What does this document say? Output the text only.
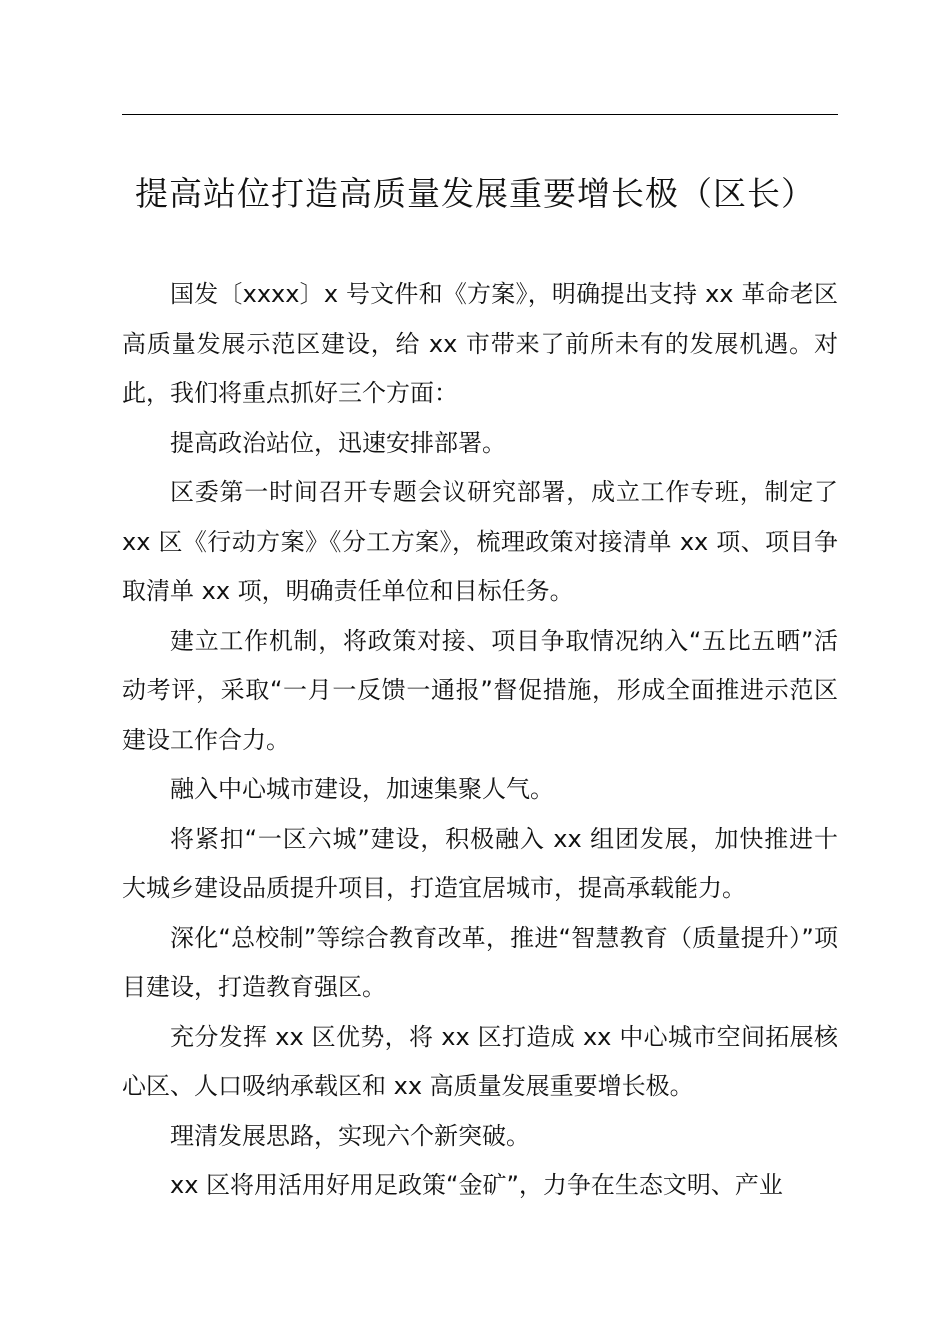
提高站位打造高质量发展重要增长极（区长）

国发〔xxxx〕x 号文件和《方案》，明确提出支持 xx 革命老区高质量发展示范区建设，给 xx 市带来了前所未有的发展机遇。对此，我们将重点抓好三个方面：

提高政治站位，迅速安排部署。

区委第一时间召开专题会议研究部署，成立工作专班，制定了 xx 区《行动方案》《分工方案》，梳理政策对接清单 xx 项、项目争取清单 xx 项，明确责任单位和目标任务。

建立工作机制，将政策对接、项目争取情况纳入“五比五晒”活动考评，采取“一月一反馈一通报”督促措施，形成全面推进示范区建设工作合力。

融入中心城市建设，加速集聚人气。

将紧扣“一区六城”建设，积极融入 xx 组团发展，加快推进十大城乡建设品质提升项目，打造宜居城市，提高承载能力。

深化“总校制”等综合教育改革，推进“智慧教育（质量提升）”项目建设，打造教育强区。

充分发挥 xx 区优势，将 xx 区打造成 xx 中心城市空间拓展核心区、人口吸纳承载区和 xx 高质量发展重要增长极。

理清发展思路，实现六个新突破。

xx 区将用活用好用足政策“金矿”，力争在生态文明、产业
